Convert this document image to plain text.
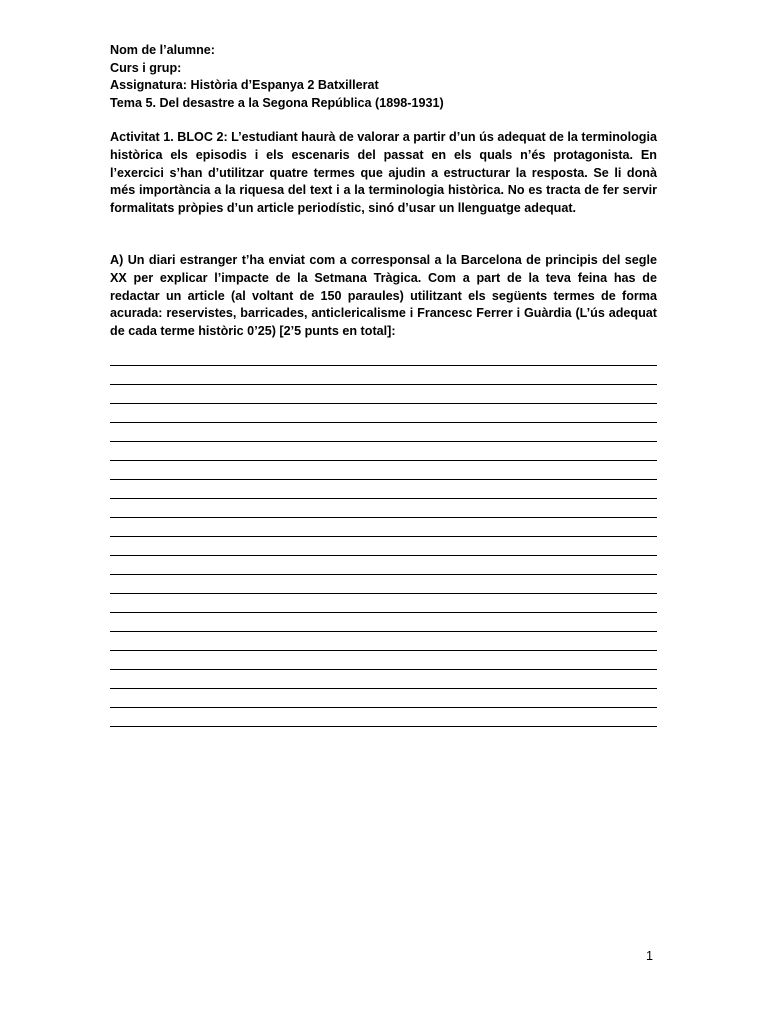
Nom de l’alumne:

Curs i grup:

Assignatura: Història d’Espanya 2 Batxillerat

Tema 5. Del desastre a la Segona República (1898-1931)

Activitat 1. BLOC 2: L’estudiant haurà de valorar a partir d’un ús adequat de la terminologia històrica els episodis i els escenaris del passat en els quals n’és protagonista. En l’exercici s’han d’utilitzar quatre termes que ajudin a estructurar la resposta. Se li donà més importància a la riquesa del text i a la terminologia històrica. No es tracta de fer servir formalitats pròpies d’un article periodístic, sinó d’usar un llenguatge adequat.

A) Un diari estranger t’ha enviat com a corresponsal a la Barcelona de principis del segle XX per explicar l’impacte de la Setmana Tràgica. Com a part de la teva feina has de redactar un article (al voltant de 150 paraules) utilitzant els següents termes de forma acurada: reservistes, barricades, anticlericalisme i Francesc Ferrer i Guàrdia (L’ús adequat de cada terme històric 0’25) [2’5 punts en total]:

1
